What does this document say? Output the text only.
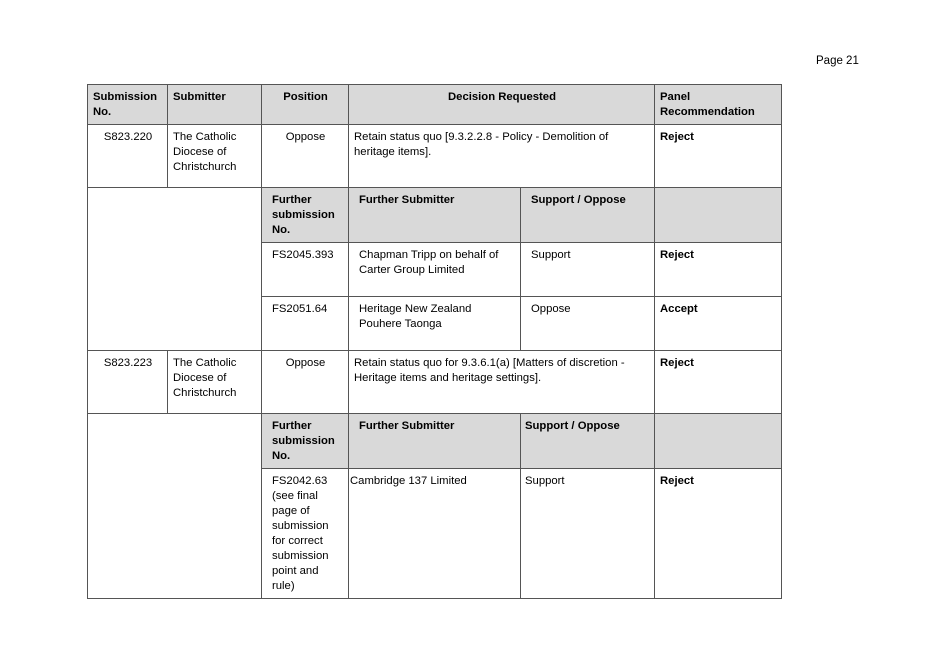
Page 21
Submission No.	Submitter	Position	Decision Requested		Panel Recommendation
S823.220	The Catholic Diocese of Christchurch	Oppose	Retain status quo [9.3.2.2.8 - Policy - Demolition of heritage items].		Reject
		Further submission No.	Further Submitter	Support / Oppose	
		FS2045.393	Chapman Tripp on behalf of Carter Group Limited	Support	Reject
		FS2051.64	Heritage New Zealand Pouhere Taonga	Oppose	Accept
S823.223	The Catholic Diocese of Christchurch	Oppose	Retain status quo for 9.3.6.1(a) [Matters of discretion - Heritage items and heritage settings].		Reject
		Further submission No.	Further Submitter	Support / Oppose	
		FS2042.63 (see final page of submission for correct submission point and rule)	Cambridge 137 Limited	Support	Reject
